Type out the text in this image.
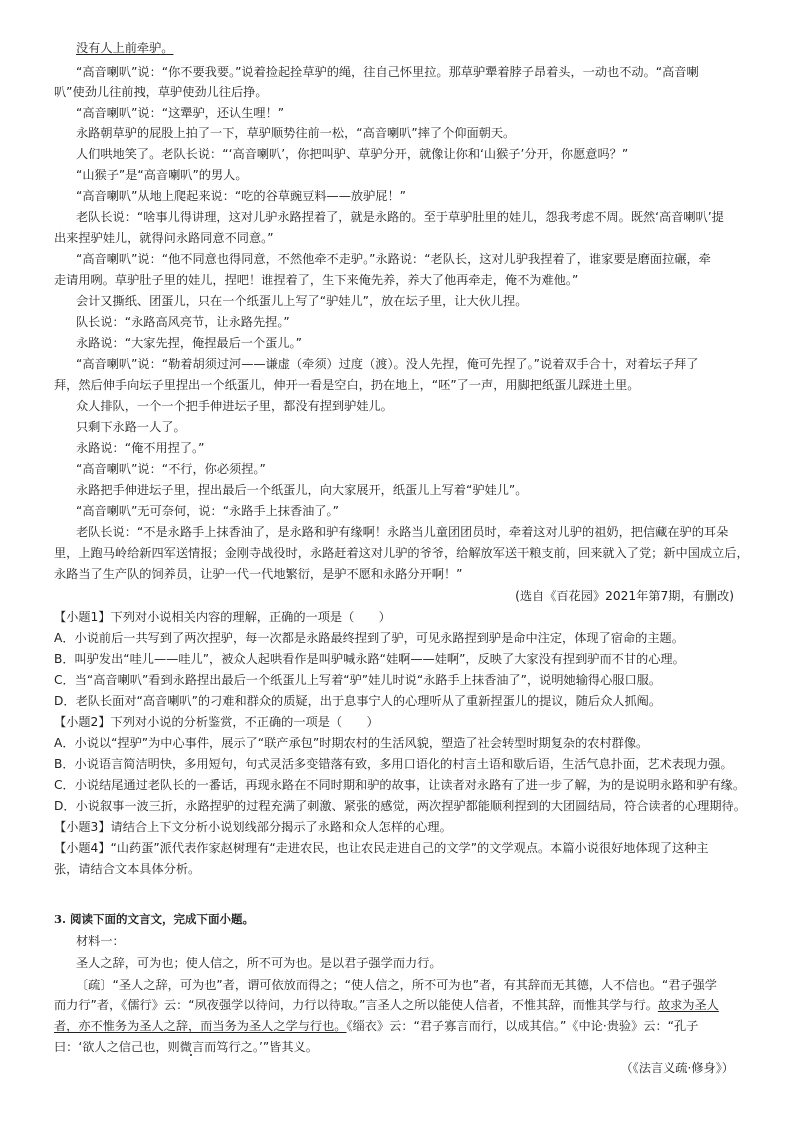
没有人上前牵驴。

“高音喇叭”说：“你不要我要。”说着捡起拴草驴的绳，往自己怀里拉。那草驴犟着脖子昂着头，一动也不动。“高音喇

叭”使劲儿往前拽，草驴使劲儿往后挣。

“高音喇叭”说：“这犟驴，还认生哩！”

永路朝草驴的屁股上拍了一下，草驴顺势往前一松，“高音喇叭”摔了个仰面朝天。

人们哄地笑了。老队长说：“‘高音喇叭’，你把叫驴、草驴分开，就像让你和‘山猴子’分开，你愿意吗？”

“山猴子”是“高音喇叭”的男人。

“高音喇叭”从地上爬起来说：“吃的谷草豌豆料——放驴屁！”

老队长说：“啥事儿得讲理，这对儿驴永路捏着了，就是永路的。至于草驴肚里的娃儿，怨我考虑不周。既然‘高音喇叭’提

出来捏驴娃儿，就得问永路同意不同意。”

“高音喇叭”说：“他不同意也得同意，不然他牵不走驴。”永路说：“老队长，这对儿驴我捏着了，谁家要是磨面拉碾，牵

走请用咧。草驴肚子里的娃儿，捏吧！谁捏着了，生下来俺先养，养大了他再牵走，俺不为难他。”

会计又撕纸、团蛋儿，只在一个纸蛋儿上写了“驴娃儿”，放在坛子里，让大伙儿捏。

队长说：“永路高风亮节，让永路先捏。”

永路说：“大家先捏，俺捏最后一个蛋儿。”

“高音喇叭”说：“勒着胡须过河——谦虚（牵须）过度（渡）。没人先捏，俺可先捏了。”说着双手合十，对着坛子拜了

拜，然后伸手向坛子里捏出一个纸蛋儿，伸开一看是空白，扔在地上，“呸”了一声，用脚把纸蛋儿踩进土里。

众人排队，一个一个把手伸进坛子里，都没有捏到驴娃儿。

只剩下永路一人了。

永路说：“俺不用捏了。”

“高音喇叭”说：“不行，你必须捏。”

永路把手伸进坛子里，捏出最后一个纸蛋儿，向大家展开，纸蛋儿上写着“驴娃儿”。

“高音喇叭”无可奈何，说：“永路手上抹香油了。”

老队长说：“不是永路手上抹香油了，是永路和驴有缘啊！永路当儿童团团员时，牵着这对儿驴的祖奶，把信藏在驴的耳朵

里，上跑马岭给新四军送情报；金刚寺战役时，永路赶着这对儿驴的爷爷，给解放军送干粮支前，回来就入了党；新中国成立后，

永路当了生产队的饲养员，让驴一代一代地繁衍，是驴不愿和永路分开啊！”

(选自《百花园》2021年第7期，有删改)

【小题1】下列对小说相关内容的理解，正确的一项是（　　）

A．小说前后一共写到了两次捏驴，每一次都是永路最终捏到了驴，可见永路捏到驴是命中注定，体现了宿命的主题。

B．叫驴发出“哇儿——哇儿”，被众人起哄看作是叫驴喊永路“娃啊——娃啊”，反映了大家没有捏到驴而不甘的心理。

C．当“高音喇叭”看到永路捏出最后一个纸蛋儿上写着“驴”娃儿时说“永路手上抹香油了”，说明她输得心服口服。

D．老队长面对“高音喇叭”的刁难和群众的质疑，出于息事宁人的心理听从了重新捏蛋儿的提议，随后众人抓阄。

【小题2】下列对小说的分析鉴赏，不正确的一项是（　　）

A．小说以“捏驴”为中心事件，展示了“联产承包”时期农村的生活风貌，塑造了社会转型时期复杂的农村群像。

B．小说语言简洁明快，多用短句，句式灵活多变错落有致，多用口语化的村言土语和歇后语，生活气息扑面，艺术表现力强。

C．小说结尾通过老队长的一番话，再现永路在不同时期和驴的故事，让读者对永路有了进一步了解，为的是说明永路和驴有缘。

D．小说叙事一波三折，永路捏驴的过程充满了刺激、紧张的感觉，两次捏驴都能顺利捏到的大团圆结局，符合读者的心理期待。

【小题3】请结合上下文分析小说划线部分揭示了永路和众人怎样的心理。

【小题4】“山药蛋”派代表作家赵树理有“走进农民，也让农民走进自己的文学”的文学观点。本篇小说很好地体现了这种主

张，请结合文本具体分析。

3. 阅读下面的文言文，完成下面小题。

材料一：

圣人之辞，可为也；使人信之，所不可为也。是以君子强学而力行。

〔疏〕“圣人之辞，可为也”者，谓可依放而得之；“使人信之，所不可为也”者，有其辞而无其德，人不信也。“君子强学

而力行”者，《儒行》云：“夙夜强学以待问，力行以待取。”言圣人之所以能使人信者，不惟其辞，而惟其学与行。故求为圣人

者，亦不惟务为圣人之辞，而当务为圣人之学与行也。《缁衣》云：“君子寡言而行，以成其信。”《中论·贵验》云：“孔子

曰：‘欲人之信己也，则微言而笃行之。’”皆其义。

（《法言义疏·修身》）
